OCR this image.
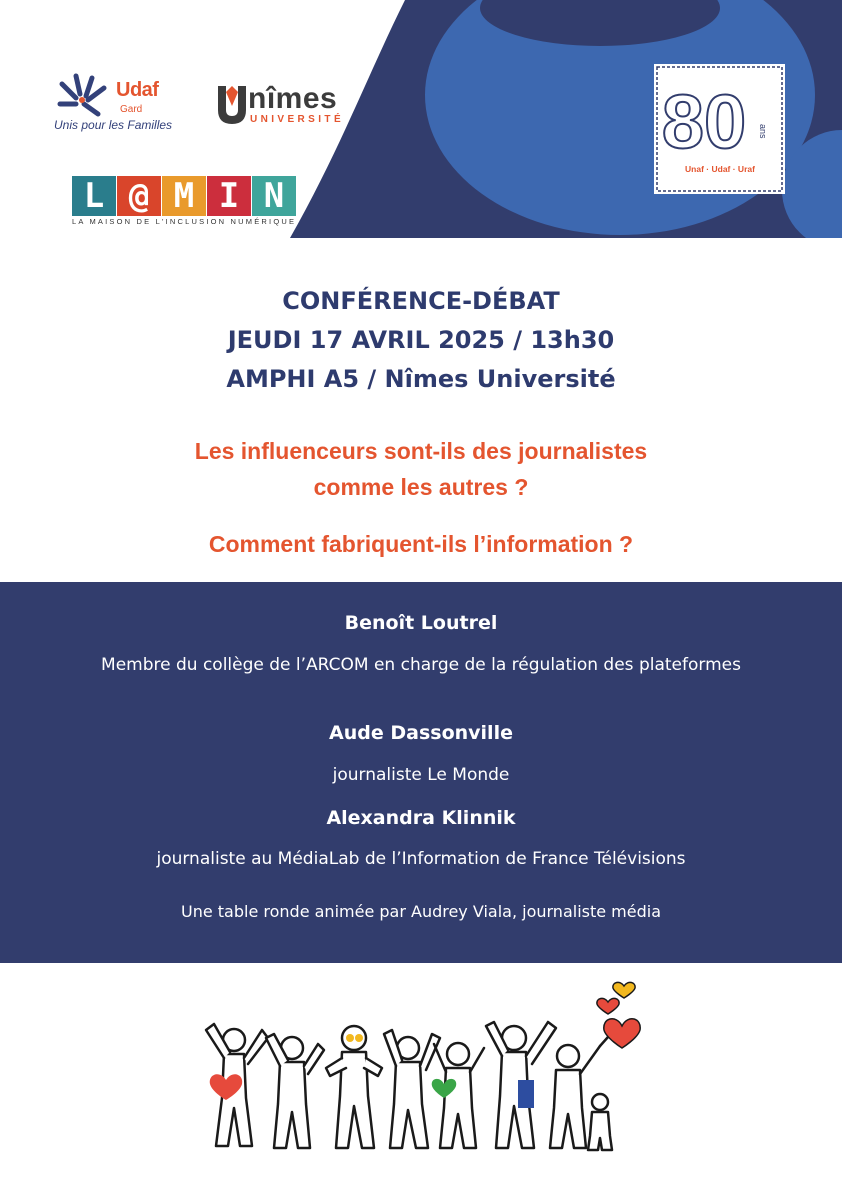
Udaf
Gard
Unis pour les Familles
nîmes
UNIVERSITÉ
L @ M I N
LA MAISON DE L'INCLUSION NUMÉRIQUE
80 ans
Unaf · Udaf · Uraf
CONFÉRENCE-DÉBAT
JEUDI 17 AVRIL 2025 / 13h30
AMPHI A5 / Nîmes Université
Les influenceurs sont-ils des journalistes
comme les autres ?
Comment fabriquent-ils l’information ?
Benoît Loutrel
Membre du collège de l’ARCOM en charge de la régulation des plateformes
Aude Dassonville
journaliste Le Monde
Alexandra Klinnik
journaliste au MédiaLab de l’Information de France Télévisions
Une table ronde animée par Audrey Viala, journaliste média
